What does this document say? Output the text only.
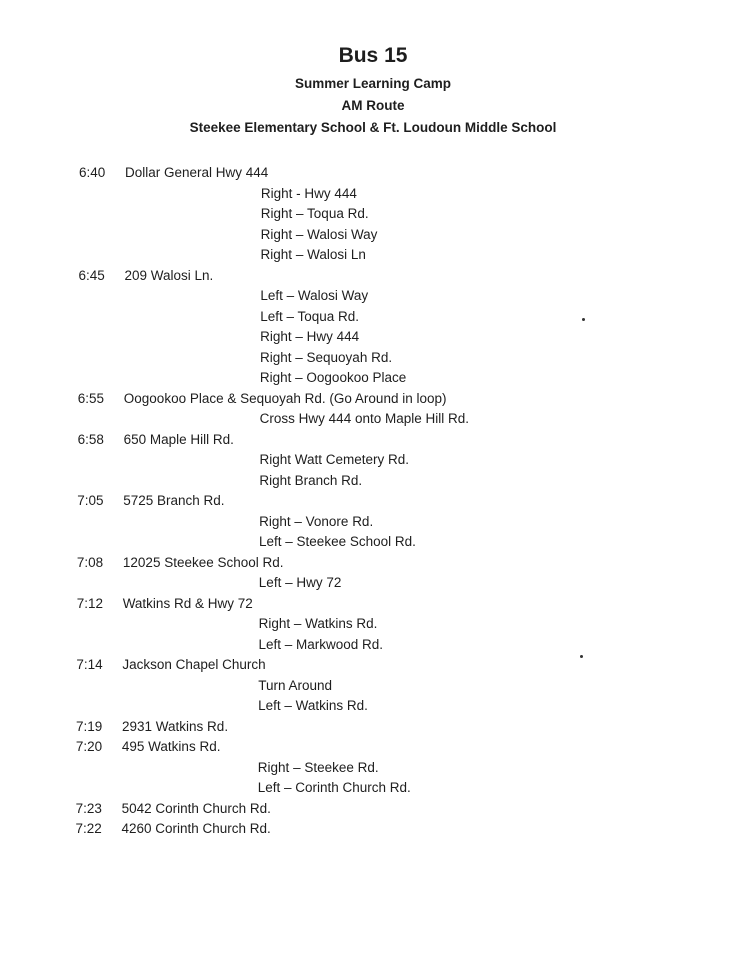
Bus 15

Summer Learning Camp

AM Route

Steekee Elementary School & Ft. Loudoun Middle School

6:40 Dollar General Hwy 444
Right - Hwy 444
Right – Toqua Rd.
Right – Walosi Way
Right – Walosi Ln
6:45 209 Walosi Ln.
Left – Walosi Way
Left – Toqua Rd.
Right – Hwy 444
Right – Sequoyah Rd.
Right – Oogookoo Place
6:55 Oogookoo Place & Sequoyah Rd. (Go Around in loop)
Cross Hwy 444 onto Maple Hill Rd.
6:58 650 Maple Hill Rd.
Right Watt Cemetery Rd.
Right Branch Rd.
7:05 5725 Branch Rd.
Right – Vonore Rd.
Left – Steekee School Rd.
7:08 12025 Steekee School Rd.
Left – Hwy 72
7:12 Watkins Rd & Hwy 72
Right – Watkins Rd.
Left – Markwood Rd.
7:14 Jackson Chapel Church
Turn Around
Left – Watkins Rd.
7:19 2931 Watkins Rd.
7:20 495 Watkins Rd.
Right – Steekee Rd.
Left – Corinth Church Rd.
7:23 5042 Corinth Church Rd.
7:22 4260 Corinth Church Rd.
